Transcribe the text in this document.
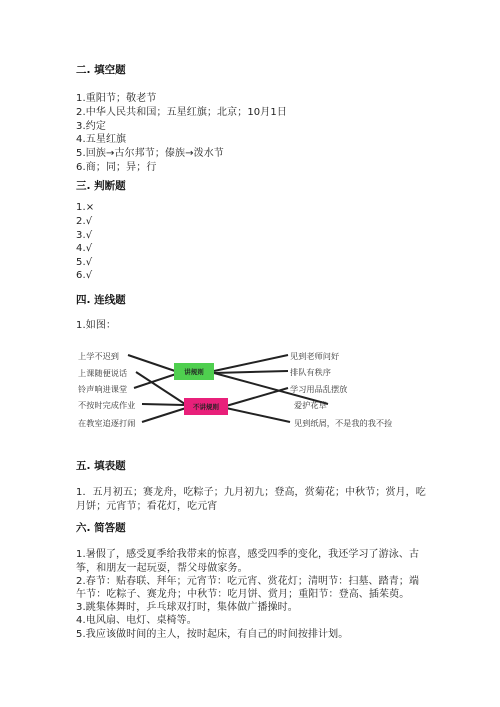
二. 填空题
1.重阳节；敬老节
2.中华人民共和国；五星红旗；北京；10月1日
3.约定
4.五星红旗
5.回族→古尔邦节；傣族→泼水节
6.商；同；异；行
三. 判断题
1.×
2.√
3.√
4.√
5.√
6.√
四. 连线题
1.如图：
讲规则
不讲规则
上学不迟到
上课随便说话
铃声响进课堂
不按时完成作业
在教室追逐打闹
见到老师问好
排队有秩序
学习用品乱摆放
爱护花草
见到纸屑，不是我的我不捡
五. 填表题
1．五月初五；赛龙舟，吃粽子；九月初九；登高，赏菊花；中秋节；赏月，吃
月饼；元宵节；看花灯，吃元宵
六. 简答题
1.暑假了，感受夏季给我带来的惊喜，感受四季的变化，我还学习了游泳、古
筝，和朋友一起玩耍，帮父母做家务。
2.春节：贴春联、拜年；元宵节：吃元宵、赏花灯；清明节：扫墓、踏青；端
午节：吃粽子、赛龙舟；中秋节：吃月饼、赏月；重阳节：登高、插茱萸。
3.跳集体舞时，乒乓球双打时，集体做广播操时。
4.电风扇、电灯、桌椅等。
5.我应该做时间的主人，按时起床，有自己的时间按排计划。
